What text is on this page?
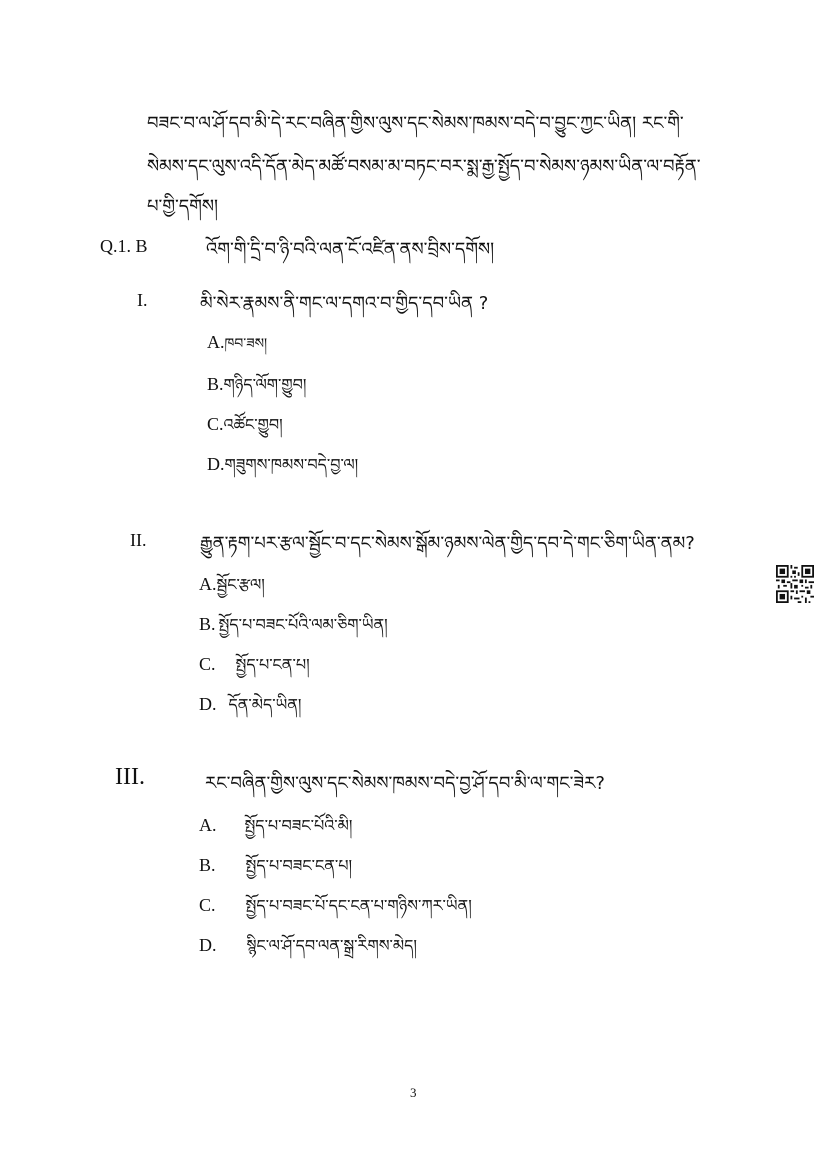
བཟང་བ་ལ་ཤོ་དབ་མི་དེ་རང་བཞིན་གྱིས་ལུས་དང་སེམས་ཁམས་བདེ་བ་བྱུང་ཀྱང་ཡིན། རང་གི་
སེམས་དང་ལུས་འདི་དོན་མེད་མཚོ་བསམ་མ་བཏང་བར་སྨ་རྒྱ་སྤྱོད་བ་སེམས་ཉམས་ཡིན་ལ་བརྟོན་
པ་གྱི་དགོས།
Q.1. B	འོག་གི་དྲི་བ་ཉི་བའི་ལན་ངོ་འཛིན་ནས་བྲིས་དགོས།
I.	མི་སེར་རྣམས་ནི་གང་ལ་དགའ་བ་གྱིད་དབ་ཡིན ?
A. ཁབ་ཟས།
B. གཉིད་ལོག་གྱུབ།
C. འཚོང་གྱུབ།
D. གཟུགས་ཁམས་བདེ་བྱ་ལ།
II.	རྒྱུན་རྟག་པར་རྩལ་སྦྱོང་བ་དང་སེམས་སྒོམ་ཉམས་ལེན་གྱིད་དབ་དེ་གང་ཅིག་ཡིན་ནམ?
A. སྦྱོང་རྩལ།
B. སྤྱོད་པ་བཟང་པོའི་ལམ་ཅིག་ཡིན།
C. སྤྱོད་པ་ངན་པ།
D. དོན་མེད་ཡིན།
III.	རང་བཞིན་གྱིས་ལུས་དང་སེམས་ཁམས་བདེ་བྱ་ཤོ་དབ་མི་ལ་གང་ཟེར?
A. སྤྱོད་པ་བཟང་པོའི་མི།
B. སྤྱོད་པ་བཟང་ངན་པ།
C. སྤྱོད་པ་བཟང་པོ་དང་ངན་པ་གཉིས་ཀར་ཡིན།
D. སྙིང་ལ་ཤོ་དབ་ལན་སྒྲ་རིགས་མེད།
3
